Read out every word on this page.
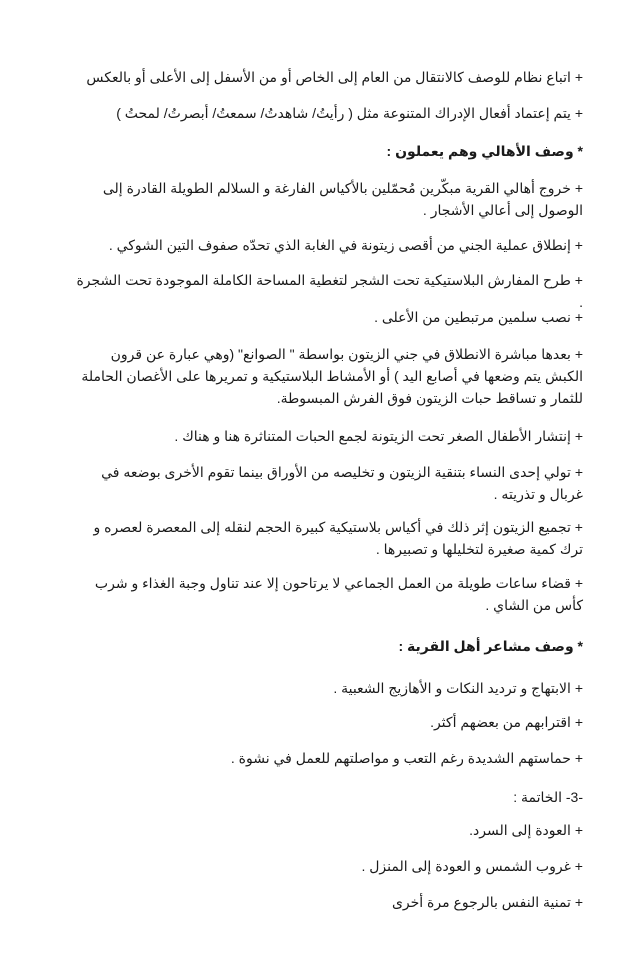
+ اتباع نظام للوصف كالانتقال من العام إلى الخاص أو من الأسفل إلى الأعلى أو بالعكس
+ يتم إعتماد أفعال الإدراك المتنوعة مثل ( رأيتُ/ شاهدتُ/ سمعتُ/ أبصرتُ/ لمحتُ )
* وصف الأهالي وهم يعملون :
+ خروج أهالي القرية مبكّرين مُحمّلين بالأكياس الفارغة و السلالم الطويلة القادرة إلى الوصول إلى أعالي الأشجار .
+ إنطلاق عملية الجني من أقصى زيتونة في الغابة الذي تحدّه صفوف التين الشوكي .
+ طرح المفارش البلاستيكية تحت الشجر لتغطية المساحة الكاملة الموجودة تحت الشجرة .
+ نصب سلمين مرتبطين من الأعلى .
+ بعدها مباشرة الانطلاق في جني الزيتون بواسطة " الصوانع" (وهي عبارة عن قرون الكبش يتم وضعها في أصابع اليد ) أو الأمشاط البلاستيكية و تمريرها على الأغصان الحاملة للثمار و تساقط حبات الزيتون فوق الفرش المبسوطة.
+ إنتشار الأطفال الصغر تحت الزيتونة لجمع الحبات المتناثرة هنا و هناك .
+ تولي إحدى النساء بتنقية الزيتون و تخليصه من الأوراق بينما تقوم الأخرى بوضعه في غربال و تذريته .
+ تجميع الزيتون إثر ذلك في أكياس بلاستيكية كبيرة الحجم لنقله إلى المعصرة لعصره و ترك كمية صغيرة لتخليلها و تصبيرها .
+ قضاء ساعات طويلة من العمل الجماعي لا يرتاحون إلا عند تناول وجبة الغذاء و شرب كأس من الشاي .
* وصف مشاعر أهل القرية :
+ الابتهاج و ترديد النكات و الأهازيج الشعبية .
+ اقترابهم من بعضهم أكثر.
+ حماستهم الشديدة رغم التعب و مواصلتهم للعمل في نشوة .
-3- الخاتمة :
+ العودة إلى السرد.
+ غروب الشمس و العودة إلى المنزل .
+ تمنية النفس بالرجوع مرة أخرى
